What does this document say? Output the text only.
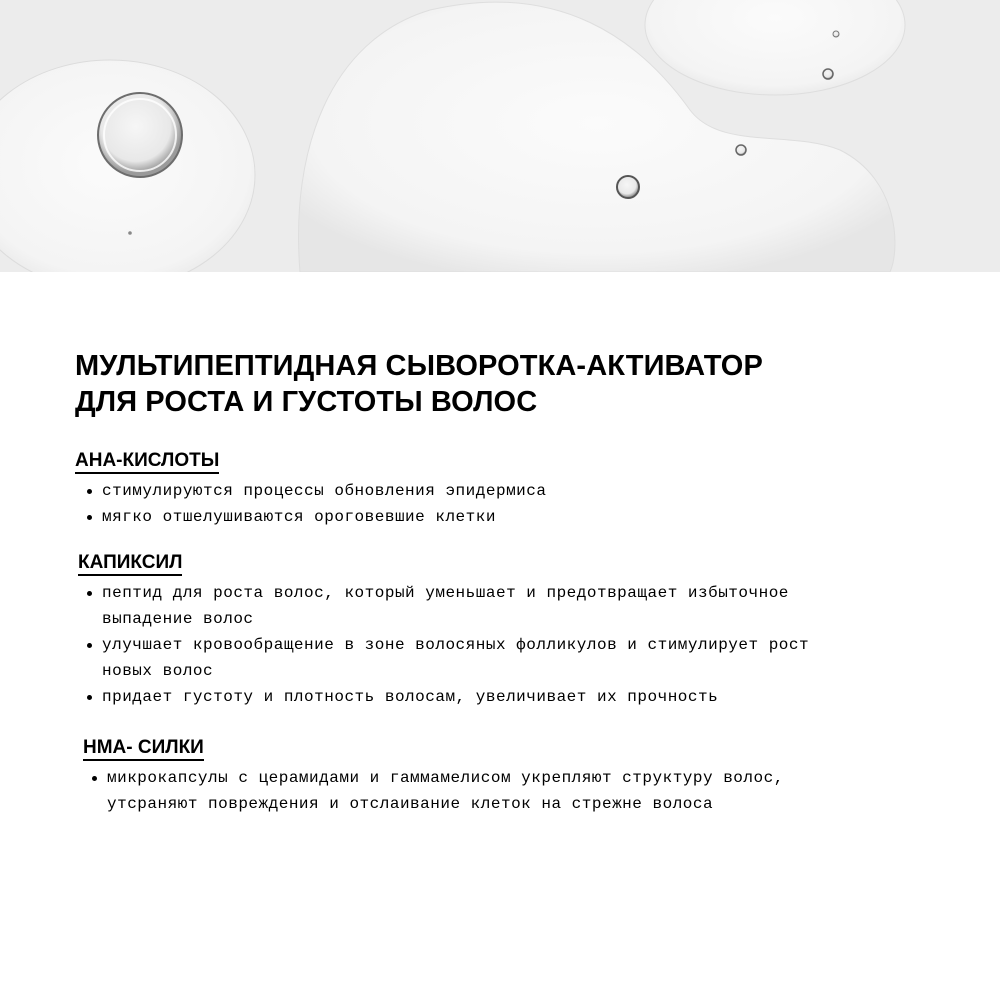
МУЛЬТИПЕПТИДНАЯ СЫВОРОТКА-АКТИВАТОР
ДЛЯ РОСТА И ГУСТОТЫ ВОЛОС
AHA-КИСЛОТЫ
стимулируются процессы обновления эпидермиса
мягко отшелушиваются ороговевшие клетки
КАПИКСИЛ
пептид для роста волос, который уменьшает и предотвращает избыточное
выпадение волос
улучшает кровообращение в зоне волосяных фолликулов и стимулирует рост
новых волос
придает густоту и плотность волосам, увеличивает их прочность
HMA- СИЛКИ
микрокапсулы с церамидами и гаммамелисом укрепляют структуру волос,
утсраняют повреждения и отслаивание клеток на стрежне волоса
